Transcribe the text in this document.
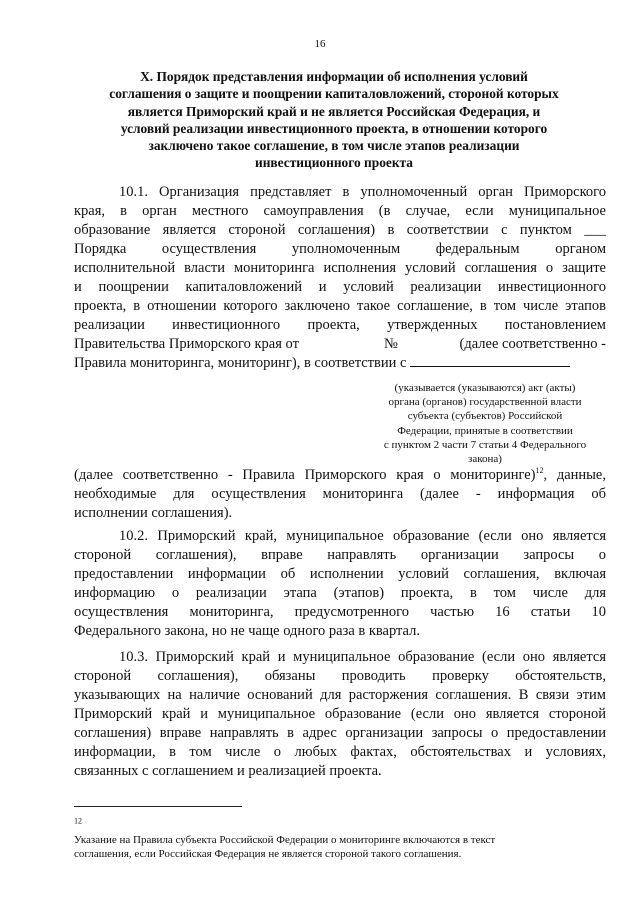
16
X. Порядок представления информации об исполнения условий
соглашения о защите и поощрении капиталовложений, стороной которых
является Приморский край и не является Российская Федерация, и
условий реализации инвестиционного проекта, в отношении которого
заключено такое соглашение, в том числе этапов реализации
инвестиционного проекта
10.1. Организация представляет в уполномоченный орган Приморского
края, в орган местного самоуправления (в случае, если муниципальное
образование является стороной соглашения) в соответствии с пунктом ___
Порядка осуществления уполномоченным федеральным органом
исполнительной власти мониторинга исполнения условий соглашения о защите
и поощрении капиталовложений и условий реализации инвестиционного
проекта, в отношении которого заключено такое соглашение, в том числе этапов
реализации инвестиционного проекта, утвержденных постановлением
Правительства Приморского края от	№	(далее соответственно -
Правила мониторинга, мониторинг), в соответствии с
(указывается (указываются) акт (акты)
органа (органов) государственной власти
субъекта (субъектов) Российской
Федерации, принятые в соответствии
с пунктом 2 части 7 статьи 4 Федерального
закона)
(далее соответственно - Правила Приморского края о мониторинге)$^{12}$, данные,
необходимые для осуществления мониторинга (далее - информация об
исполнении соглашения).
10.2. Приморский край, муниципальное образование (если оно является
стороной соглашения), вправе направлять организации запросы о
предоставлении информации об исполнении условий соглашения, включая
информацию о реализации этапа (этапов) проекта, в том числе для
осуществления мониторинга, предусмотренного частью 16 статьи 10
Федерального закона, но не чаще одного раза в квартал.
10.3. Приморский край и муниципальное образование (если оно является
стороной соглашения), обязаны проводить проверку обстоятельств,
указывающих на наличие оснований для расторжения соглашения. В связи этим
Приморский край и муниципальное образование (если оно является стороной
соглашения) вправе направлять в адрес организации запросы о предоставлении
информации, в том числе о любых фактах, обстоятельствах и условиях,
связанных с соглашением и реализацией проекта.
$^{12}$
Указание на Правила субъекта Российской Федерации о мониторинге включаются в текст
соглашения, если Российская Федерация не является стороной такого соглашения.
